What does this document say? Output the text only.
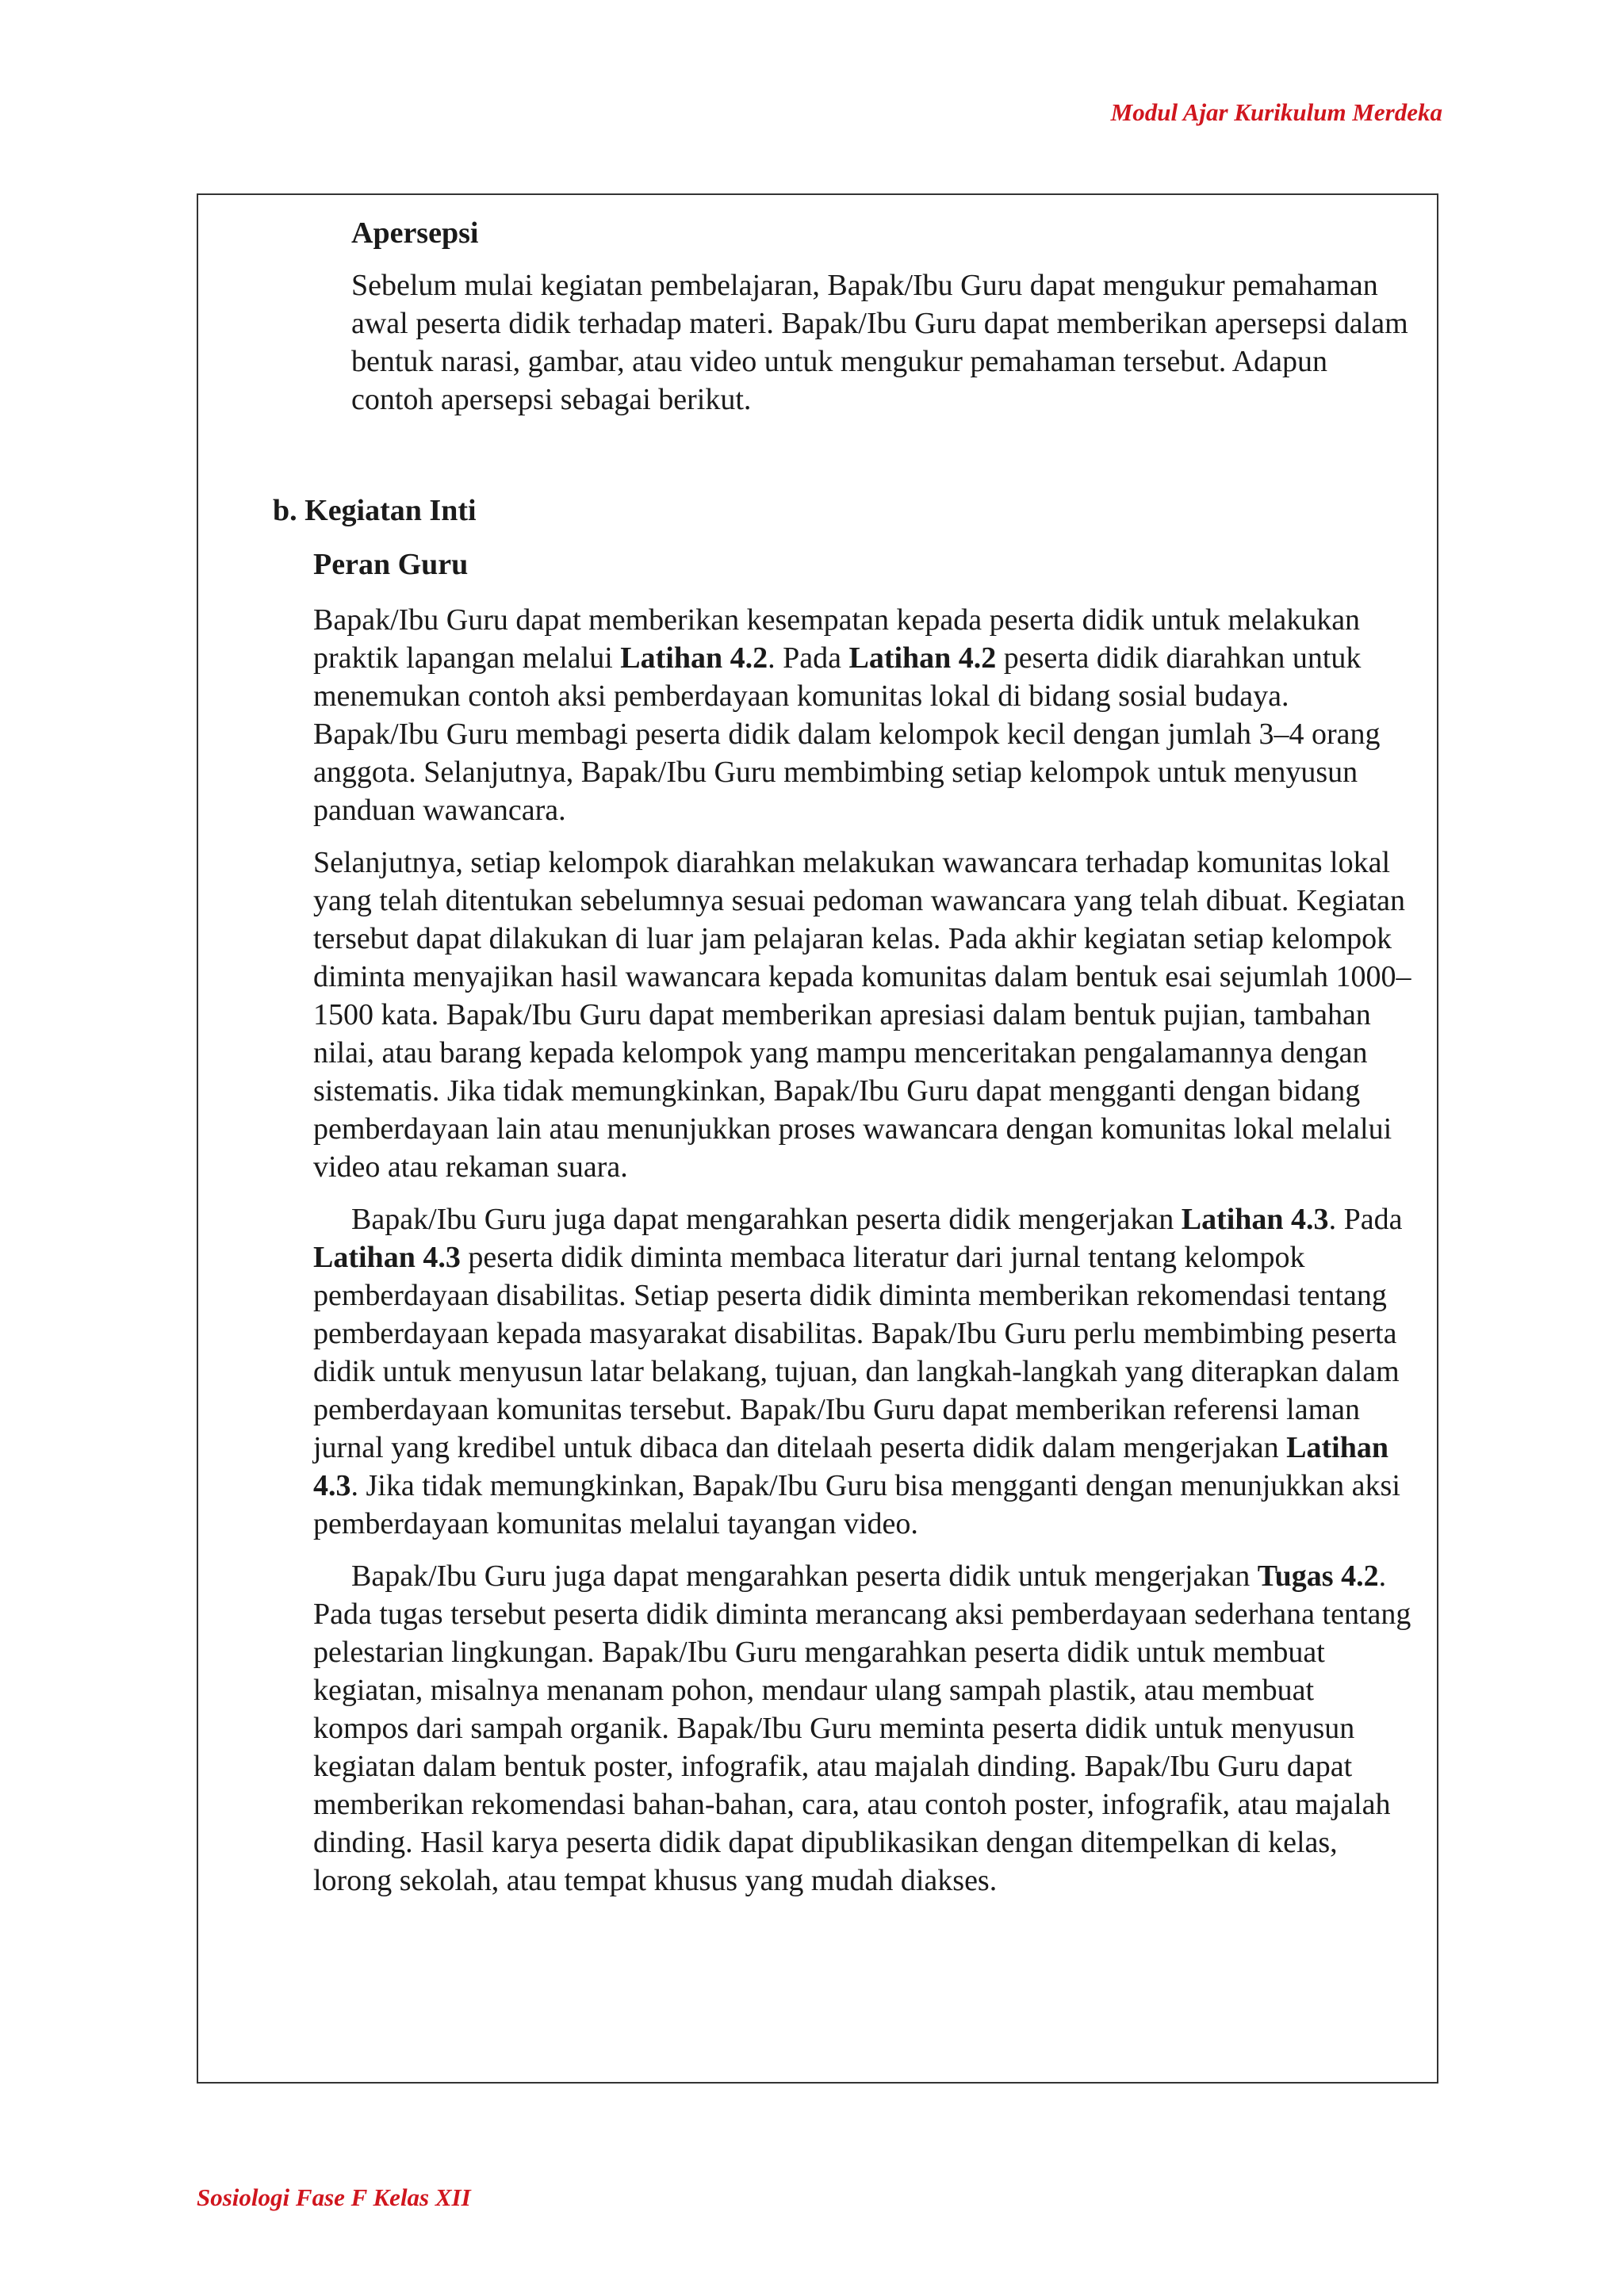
Modul Ajar Kurikulum Merdeka
Apersepsi

Sebelum mulai kegiatan pembelajaran, Bapak/Ibu Guru dapat mengukur pemahaman awal peserta didik terhadap materi. Bapak/Ibu Guru dapat memberikan apersepsi dalam bentuk narasi, gambar, atau video untuk mengukur pemahaman tersebut. Adapun contoh apersepsi sebagai berikut.

b. Kegiatan Inti
Peran Guru

Bapak/Ibu Guru dapat memberikan kesempatan kepada peserta didik untuk melakukan praktik lapangan melalui Latihan 4.2. Pada Latihan 4.2 peserta didik diarahkan untuk menemukan contoh aksi pemberdayaan komunitas lokal di bidang sosial budaya. Bapak/Ibu Guru membagi peserta didik dalam kelompok kecil dengan jumlah 3–4 orang anggota. Selanjutnya, Bapak/Ibu Guru membimbing setiap kelompok untuk menyusun panduan wawancara.

Selanjutnya, setiap kelompok diarahkan melakukan wawancara terhadap komunitas lokal yang telah ditentukan sebelumnya sesuai pedoman wawancara yang telah dibuat. Kegiatan tersebut dapat dilakukan di luar jam pelajaran kelas. Pada akhir kegiatan setiap kelompok diminta menyajikan hasil wawancara kepada komunitas dalam bentuk esai sejumlah 1000–1500 kata. Bapak/Ibu Guru dapat memberikan apresiasi dalam bentuk pujian, tambahan nilai, atau barang kepada kelompok yang mampu menceritakan pengalamannya dengan sistematis. Jika tidak memungkinkan, Bapak/Ibu Guru dapat mengganti dengan bidang pemberdayaan lain atau menunjukkan proses wawancara dengan komunitas lokal melalui video atau rekaman suara.

Bapak/Ibu Guru juga dapat mengarahkan peserta didik mengerjakan Latihan 4.3. Pada Latihan 4.3 peserta didik diminta membaca literatur dari jurnal tentang kelompok pemberdayaan disabilitas. Setiap peserta didik diminta memberikan rekomendasi tentang pemberdayaan kepada masyarakat disabilitas. Bapak/Ibu Guru perlu membimbing peserta didik untuk menyusun latar belakang, tujuan, dan langkah-langkah yang diterapkan dalam pemberdayaan komunitas tersebut. Bapak/Ibu Guru dapat memberikan referensi laman jurnal yang kredibel untuk dibaca dan ditelaah peserta didik dalam mengerjakan Latihan 4.3. Jika tidak memungkinkan, Bapak/Ibu Guru bisa mengganti dengan menunjukkan aksi pemberdayaan komunitas melalui tayangan video.

Bapak/Ibu Guru juga dapat mengarahkan peserta didik untuk mengerjakan Tugas 4.2. Pada tugas tersebut peserta didik diminta merancang aksi pemberdayaan sederhana tentang pelestarian lingkungan. Bapak/Ibu Guru mengarahkan peserta didik untuk membuat kegiatan, misalnya menanam pohon, mendaur ulang sampah plastik, atau membuat kompos dari sampah organik. Bapak/Ibu Guru meminta peserta didik untuk menyusun kegiatan dalam bentuk poster, infografik, atau majalah dinding. Bapak/Ibu Guru dapat memberikan rekomendasi bahan-bahan, cara, atau contoh poster, infografik, atau majalah dinding. Hasil karya peserta didik dapat dipublikasikan dengan ditempelkan di kelas, lorong sekolah, atau tempat khusus yang mudah diakses.

Sosiologi Fase F Kelas XII
